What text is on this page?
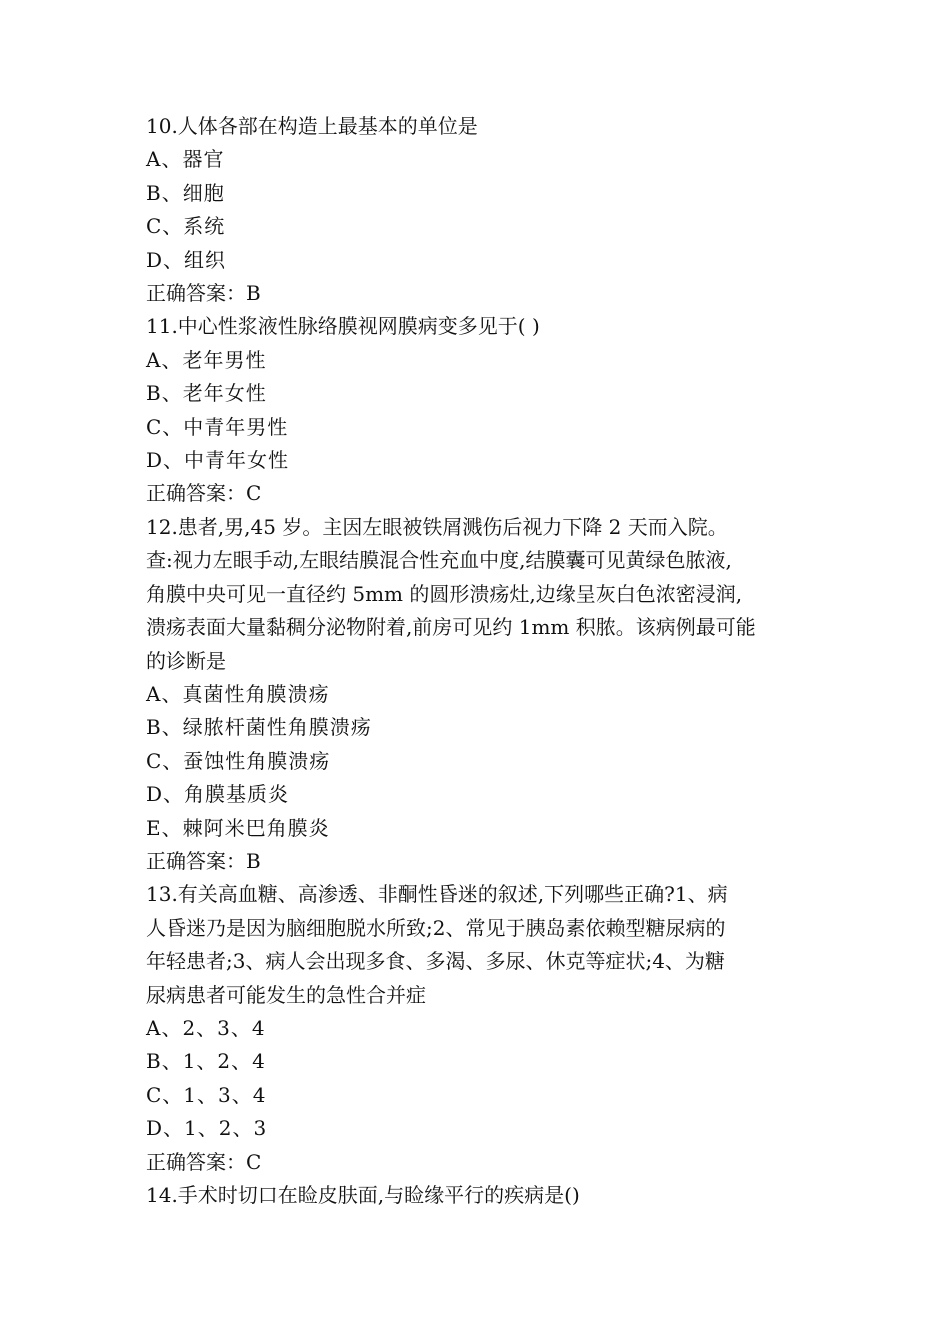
10.人体各部在构造上最基本的单位是

A、器官

B、细胞

C、系统

D、组织

正确答案：B

11.中心性浆液性脉络膜视网膜病变多见于( )

A、老年男性

B、老年女性

C、中青年男性

D、中青年女性

正确答案：C

12.患者,男,45 岁。主因左眼被铁屑溅伤后视力下降 2 天而入院。

查:视力左眼手动,左眼结膜混合性充血中度,结膜囊可见黄绿色脓液,

角膜中央可见一直径约 5mm 的圆形溃疡灶,边缘呈灰白色浓密浸润,

溃疡表面大量黏稠分泌物附着,前房可见约 1mm 积脓。该病例最可能

的诊断是

A、真菌性角膜溃疡

B、绿脓杆菌性角膜溃疡

C、蚕蚀性角膜溃疡

D、角膜基质炎

E、棘阿米巴角膜炎

正确答案：B

13.有关高血糖、高渗透、非酮性昏迷的叙述,下列哪些正确?1、病

人昏迷乃是因为脑细胞脱水所致;2、常见于胰岛素依赖型糖尿病的

年轻患者;3、病人会出现多食、多渴、多尿、休克等症状;4、为糖

尿病患者可能发生的急性合并症

A、2、3、4

B、1、2、4

C、1、3、4

D、1、2、3

正确答案：C

14.手术时切口在睑皮肤面,与睑缘平行的疾病是()
